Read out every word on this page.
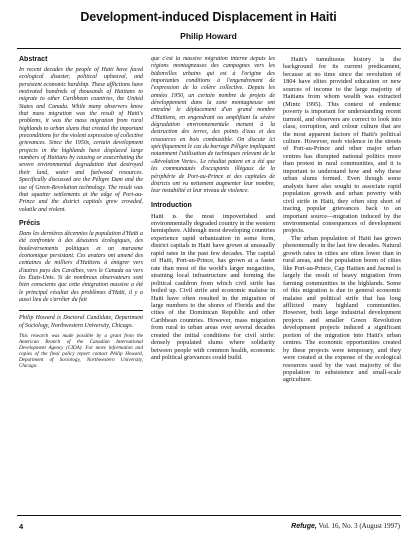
Development-induced Displacement in Haiti
Philip Howard
Abstract

In recent decades the people of Haiti have faced ecological disaster, political upheaval, and persistent economic hardship. These afflictions have motivated hundreds of thousands of Haitians to migrate to other Caribbean countries, the United States and Canada. While many observers know that mass migration was the result of Haiti's problems, it was the mass migration from rural highlands to urban slums that created the important preconditions for the violent expression of collective grievances. Since the 1950s, certain development projects in the highlands have displaced large numbers of Haitians by causing or exacerbating the severe environmental degradation that destroyed their land, water and fuelwood resources. Specifically discussed are the Péligre Dam and the use of Green-Revolution technology. The result was that squatter settlements at the edge of Port-au-Prince and the district capitals grew crowded, volatile and violent.

Précis

Dans les dernières décennies la population d'Haïti a été confrontée à des désastres écologiques, des bouleversements politiques et un marasme économique persistant. Ces avatars ont amené des centaines de milliers d'Haïtiens à émigrer vers d'autres pays des Caraïbes, vers le Canada ou vers les États-Unis. Si de nombreux observateurs sont bien conscients que cette émigration massive a été le principal résultat des problèmes d'Haïti, il y a aussi lieu de s'arrêter du fait

Philip Howard is Doctoral Candidate, Department of Sociology, Northwestern University, Chicago.

This research was made possible by a grant from the American Branch of the Canadian International Development Agency (CIDA). For more information and copies of the final policy report contact Philip Howard, Department of Sociology, Northwestern University, Chicago.

que c'est la massive migration interne depuis les régions montagneuses des campagnes vers les bidonvilles urbains qui est à l'origine des importantes conditions à l'engendrement de l'expression de la colère collective. Depuis les années 1950, un certain nombre de projets de développement dans la zone montagneuse ont entraîné le déplacement d'un grand nombre d'Haïtiens, en engendrant ou amplifiant la sévère dégradation environnementale menant à la destruction des terres, des points d'eau et des ressources en bois combustible. On discute ici spécifiquement le cas du barrage Péligre impliquant notamment l'utilisation de techniques relevant de la «Révolution Verte». Le résultat patent en a été que les communautés d'occupants illégaux de la périphérie de Port-au-Prince et des capitales de districts ont vu nettement augmenter leur nombre, leur instabilité et leur niveau de violence.

Introduction

Haiti is the most impoverished and environmentally degraded country in the western hemisphere. Although most developing countries experience rapid urbanization in some form, district capitals in Haiti have grown at unusually rapid rates in the past few decades. The capital of Haiti, Port-au-Prince, has grown at a faster rate than most of the world's larger megacities, straining local infrastructure and forming the political cauldron from which civil strife has boiled up. Civil strife and economic malaise in Haiti have often resulted in the migration of large numbers to the shores of Florida and the cities of the Dominican Republic and other Caribbean countries. However, mass migration from rural to urban areas over several decades created the initial conditions for civil strife: densely populated slums where solidarity between people with common health, economic and political grievances could build.

Haiti's tumultuous history is the background for its current predicament, because at no time since the revolution of 1804 have elites provided education or new sources of income to the large majority of Haitians from whom wealth was extracted (Mintz 1995). This context of endemic poverty is important for understanding recent turmoil, and observers are correct to look into class, corruption, and colour culture that are the most apparent factors of Haiti's political culture. However, mob violence in the streets of Port-au-Prince and other major urban centres has disrupted national politics more than protest in rural communities, and it is important to understand how and why these urban slums formed. Even though some analysts have also sought to associate rapid population growth and urban poverty with civil strife in Haiti, they often stop short of tracing popular grievances back to an important source—migration induced by the environmental consequences of development projects.

The urban population of Haiti has grown phenomenally in the last few decades. Natural growth rates in cities are often lower than in rural areas, and the population boom of cities like Port-au-Prince, Cap Haitien and Jacmel is largely the result of heavy migration from farming communities in the highlands. Some of this migration is due to general economic malaise and political strife that has long afflicted many highland communities. However, both large industrial development projects and smaller Green Revolution development projects induced a significant portion of the migration into Haiti's urban centres. The economic opportunities created by these projects were temporary, and they were created at the expense of the ecological resources used by the vast majority of the population in subsistence and small-scale agriculture.

4	Refuge, Vol. 16, No. 3 (August 1997)
